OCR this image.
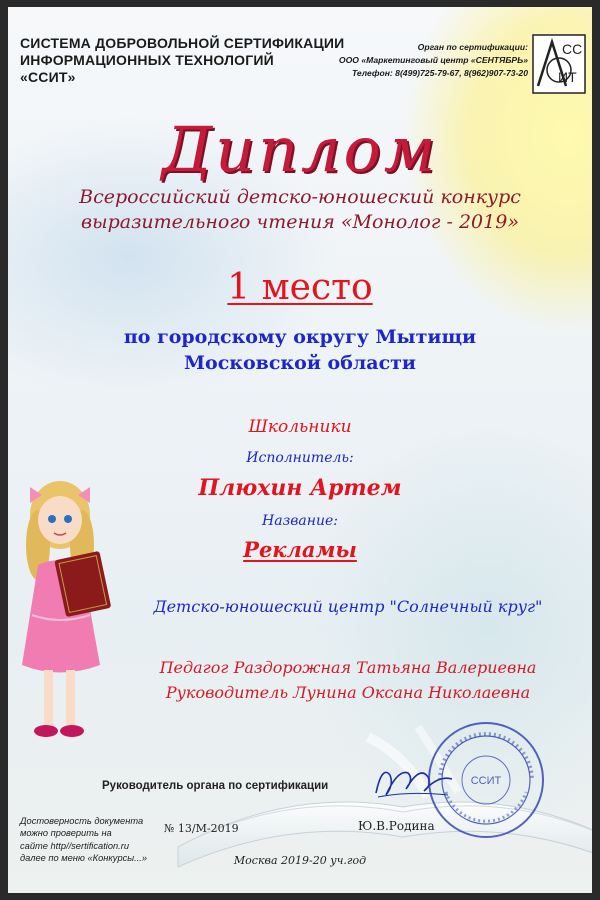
СИСТЕМА ДОБРОВОЛЬНОЙ СЕРТИФИКАЦИИ
ИНФОРМАЦИОННЫХ ТЕХНОЛОГИЙ
«ССИТ»
Орган по сертификации:
ООО «Маркетинговый центр «СЕНТЯБРЬ»
Телефон: 8(499)725-79-67, 8(962)907-73-20
СС
ИТ
Диплом
Всероссийский детско-юношеский конкурс
выразительного чтения «Монолог - 2019»
1 место
по городскому округу Мытищи
Московской области
Школьники
Исполнитель:
Плюхин Артем
Название:
Рекламы
Детско-юношеский центр "Солнечный круг"
Педагог Раздорожная Татьяна Валериевна
Руководитель Лунина Оксана Николаевна
Руководитель органа по сертификации	ССИТ
Ю.В.Родина
Достоверность документа
можно проверить на
сайте http//sertification.ru
далее по меню «Конкурсы...»
№ 13/М-2019
Москва 2019-20 уч.год
